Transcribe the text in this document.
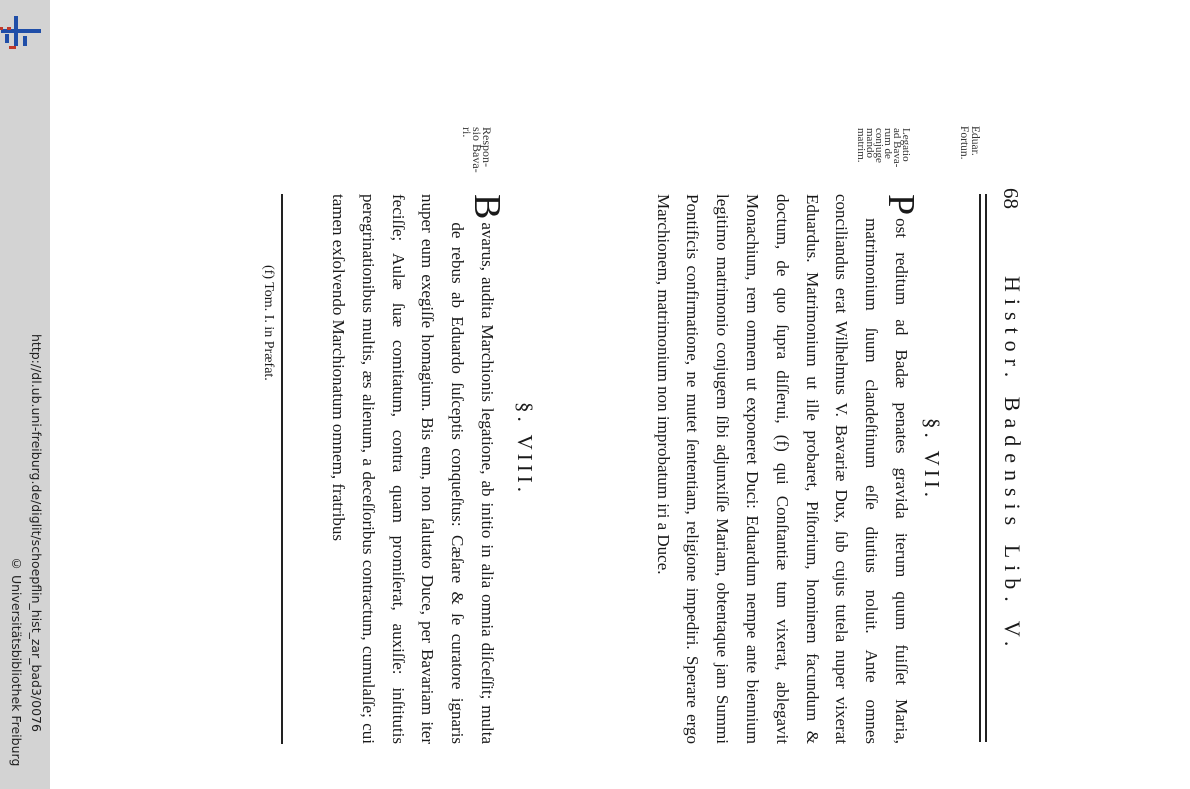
http://dl.ub.uni-freiburg.de/diglit/schoepflin_hist_zar_bad3/0076
© Universitätsbibliothek Freiburg
68
Histor. Badensis Lib. V.
Eduar.
Fortun.
Legatio
ad Bava-
rum de
conjuge
mando
matrim.
Respon-
sio Bava-
ri.
§. VII.
P
ost reditum ad Badæ penates gravida iterum quum fuiſſet Maria, matrimonium ſuum clandeſtinum eſſe diutius noluit. Ante omnes conciliandus erat Wilhelmus V. Bavariæ Dux, ſub cujus tutela nuper vixerat Eduardus. Matrimonium ut ille probaret, Piſtorium, hominem facundum & doctum, de quo ſupra diſſerui, (f) qui Conſtantiæ tum vixerat, ablegavit Monachium, rem omnem ut exponeret Duci: Eduardum nempe ante biennium legitimo matrimonio conjugem ſibi adjunxiſſe Mariam, obtentaque jam Summi Pontificis confirmatione, ne mutet ſententiam, religione impediri. Sperare ergo Marchionem, matrimonium non improbatum iri a Duce.
§. VIII.
B
avarus, audita Marchionis legatione, ab initio in alia omnia diſceſſit; multa de rebus ab Eduardo ſuſceptis conqueſtus: Cæſare & ſe curatore ignaris nuper eum exegiſſe homagium. Bis eum, non ſalutato Duce, per Bavariam iter feciſſe; Aulæ ſuæ comitatum, contra quam promiſerat, auxiſſe: inſtitutis peregrinationibus multis, æs alienum, a deceſſoribus contractum, cumulaſſe; cui tamen exſolvendo Marchionatum omnem, fratribus
(f) Tom. I. in Præfat.
